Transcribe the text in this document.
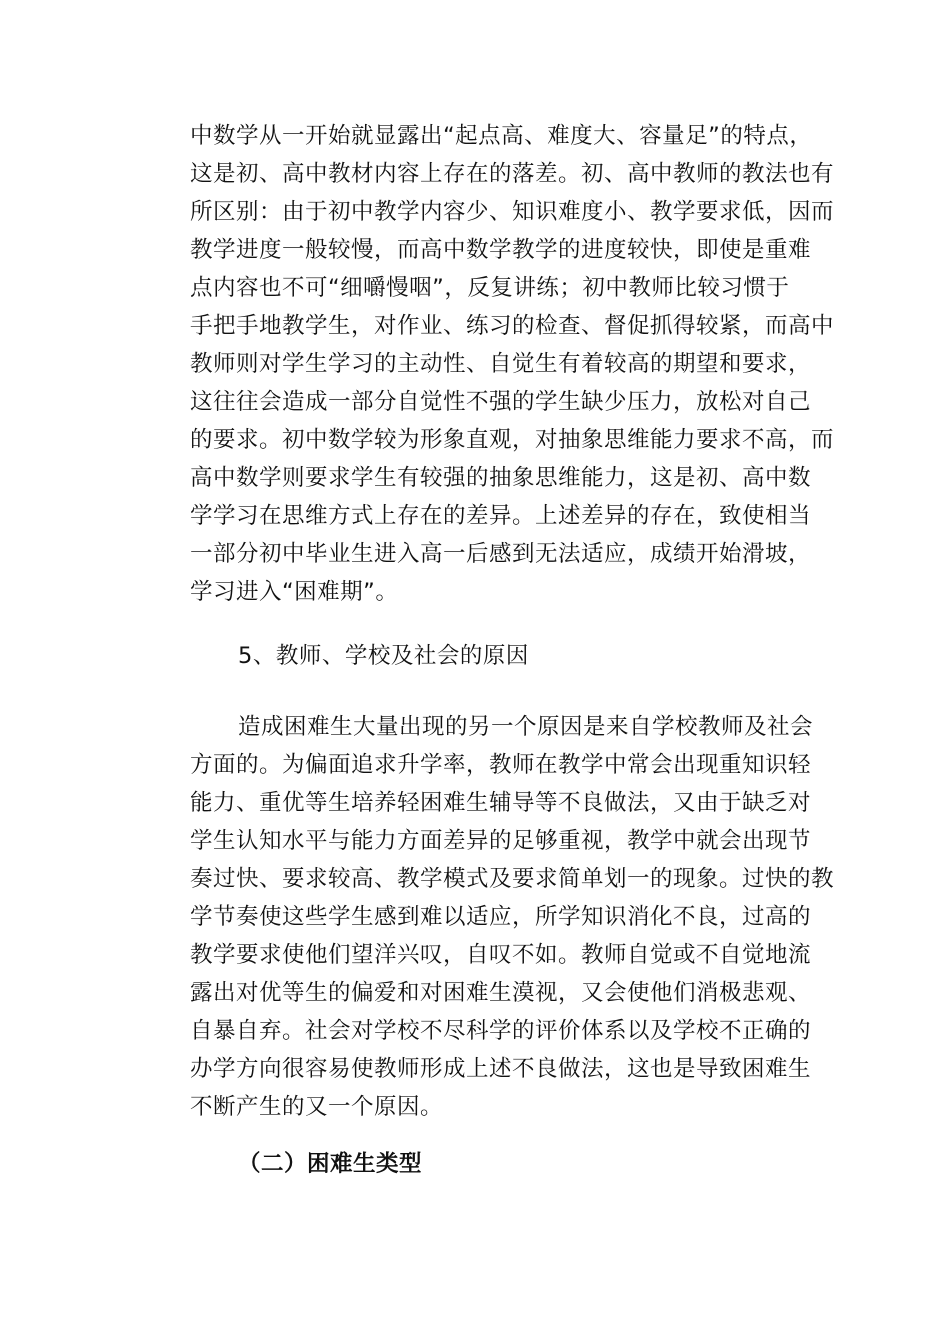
中数学从一开始就显露出“起点高、难度大、容量足”的特点，
这是初、高中教材内容上存在的落差。初、高中教师的教法也有
所区别：由于初中教学内容少、知识难度小、教学要求低，因而
教学进度一般较慢，而高中数学教学的进度较快，即使是重难
点内容也不可“细嚼慢咽”，反复讲练；初中教师比较习惯于
手把手地教学生，对作业、练习的检查、督促抓得较紧，而高中
教师则对学生学习的主动性、自觉生有着较高的期望和要求，
这往往会造成一部分自觉性不强的学生缺少压力，放松对自己
的要求。初中数学较为形象直观，对抽象思维能力要求不高，而
高中数学则要求学生有较强的抽象思维能力，这是初、高中数
学学习在思维方式上存在的差异。上述差异的存在，致使相当
一部分初中毕业生进入高一后感到无法适应，成绩开始滑坡，
学习进入“困难期”。
5、教师、学校及社会的原因
造成困难生大量出现的另一个原因是来自学校教师及社会
方面的。为偏面追求升学率，教师在教学中常会出现重知识轻
能力、重优等生培养轻困难生辅导等不良做法，又由于缺乏对
学生认知水平与能力方面差异的足够重视，教学中就会出现节
奏过快、要求较高、教学模式及要求简单划一的现象。过快的教
学节奏使这些学生感到难以适应，所学知识消化不良，过高的
教学要求使他们望洋兴叹，自叹不如。教师自觉或不自觉地流
露出对优等生的偏爱和对困难生漠视，又会使他们消极悲观、
自暴自弃。社会对学校不尽科学的评价体系以及学校不正确的
办学方向很容易使教师形成上述不良做法，这也是导致困难生
不断产生的又一个原因。
（二）困难生类型
